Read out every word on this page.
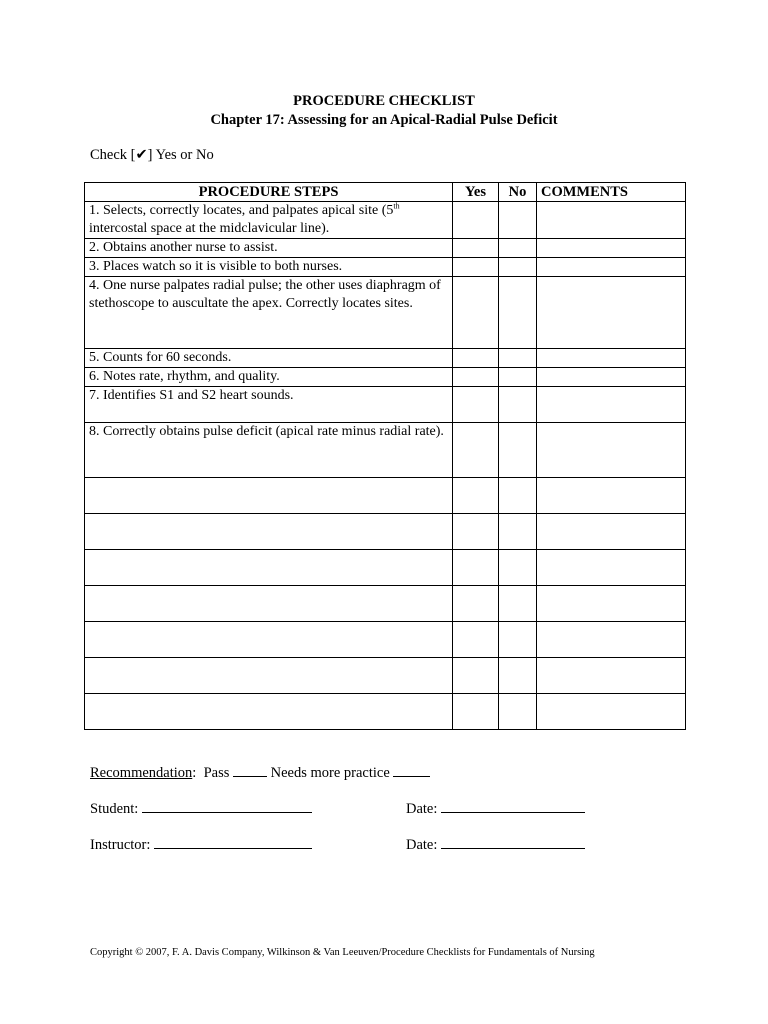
PROCEDURE CHECKLIST
Chapter 17: Assessing for an Apical-Radial Pulse Deficit
Check [✔] Yes or No
PROCEDURE STEPS	Yes	No	COMMENTS
1. Selects, correctly locates, and palpates apical site (5th intercostal space at the midclavicular line).			
2. Obtains another nurse to assist.			
3. Places watch so it is visible to both nurses.			
4. One nurse palpates radial pulse; the other uses diaphragm of stethoscope to auscultate the apex. Correctly locates sites.			
5. Counts for 60 seconds.			
6. Notes rate, rhythm, and quality.			
7. Identifies S1 and S2 heart sounds.			
8. Correctly obtains pulse deficit (apical rate minus radial rate).			

Recommendation: Pass	Needs more practice
Student:	Date:
Instructor:	Date:
Copyright © 2007, F. A. Davis Company, Wilkinson & Van Leeuven/Procedure Checklists for Fundamentals of Nursing
